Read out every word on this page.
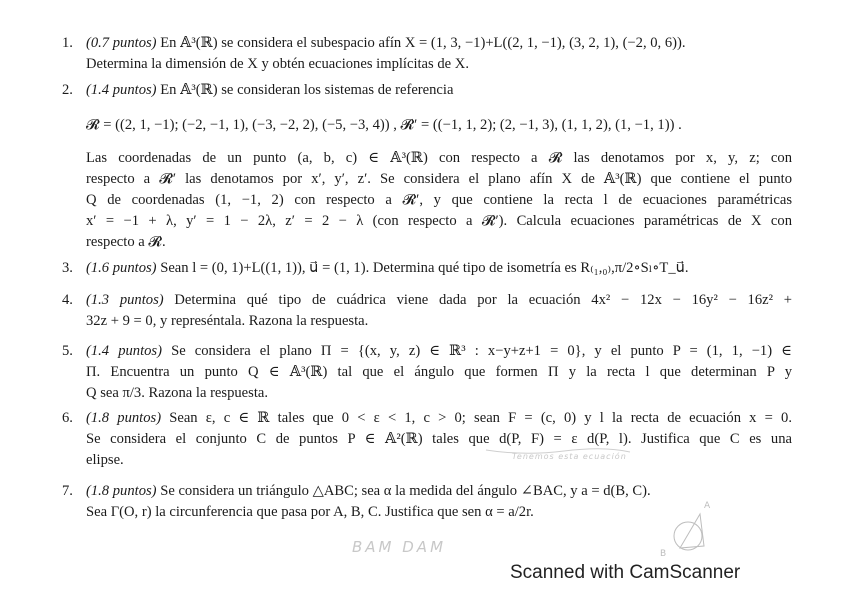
1. (0.7 puntos) En 𝔸³(ℝ) se considera el subespacio afín X = (1, 3, −1)+L((2, 1, −1), (3, 2, 1), (−2, 0, 6)).
Determina la dimensión de X y obtén ecuaciones implícitas de X.
2. (1.4 puntos) En 𝔸³(ℝ) se consideran los sistemas de referencia
𝓡 = ((2, 1, −1); (−2, −1, 1), (−3, −2, 2), (−5, −3, 4)) , 𝓡′ = ((−1, 1, 2); (2, −1, 3), (1, 1, 2), (1, −1, 1)) .
Las coordenadas de un punto (a, b, c) ∈ 𝔸³(ℝ) con respecto a 𝓡 las denotamos por x, y, z; con
respecto a 𝓡′ las denotamos por x′, y′, z′. Se considera el plano afín X de 𝔸³(ℝ) que contiene el punto
Q de coordenadas (1, −1, 2) con respecto a 𝓡′, y que contiene la recta l de ecuaciones paramétricas
x′ = −1 + λ, y′ = 1 − 2λ, z′ = 2 − λ (con respecto a 𝓡′). Calcula ecuaciones paramétricas de X con
respecto a 𝓡.
3. (1.6 puntos) Sean l = (0, 1)+L((1, 1)), u⃗ = (1, 1). Determina qué tipo de isometría es R₍₁,₀₎,π/2∘Sₗ∘T_u⃗.
4. (1.3 puntos) Determina qué tipo de cuádrica viene dada por la ecuación 4x² − 12x − 16y² − 16z² +
32z + 9 = 0, y represéntala. Razona la respuesta.
5. (1.4 puntos) Se considera el plano Π = {(x, y, z) ∈ ℝ³ : x−y+z+1 = 0}, y el punto P = (1, 1, −1) ∈
Π. Encuentra un punto Q ∈ 𝔸³(ℝ) tal que el ángulo que formen Π y la recta l que determinan P y
Q sea π/3. Razona la respuesta.
6. (1.8 puntos) Sean ε, c ∈ ℝ tales que 0 < ε < 1, c > 0; sean F = (c, 0) y l la recta de ecuación x = 0.
Se considera el conjunto C de puntos P ∈ 𝔸²(ℝ) tales que d(P, F) = ε d(P, l). Justifica que C es una
elipse.
7. (1.8 puntos) Se considera un triángulo △ABC; sea α la medida del ángulo ∠BAC, y a = d(B, C).
Sea Γ(O, r) la circunferencia que pasa por A, B, C. Justifica que sen α = a/2r.
Tenemos esta ecuación
BAM DAM
A
B
Scanned with CamScanner
